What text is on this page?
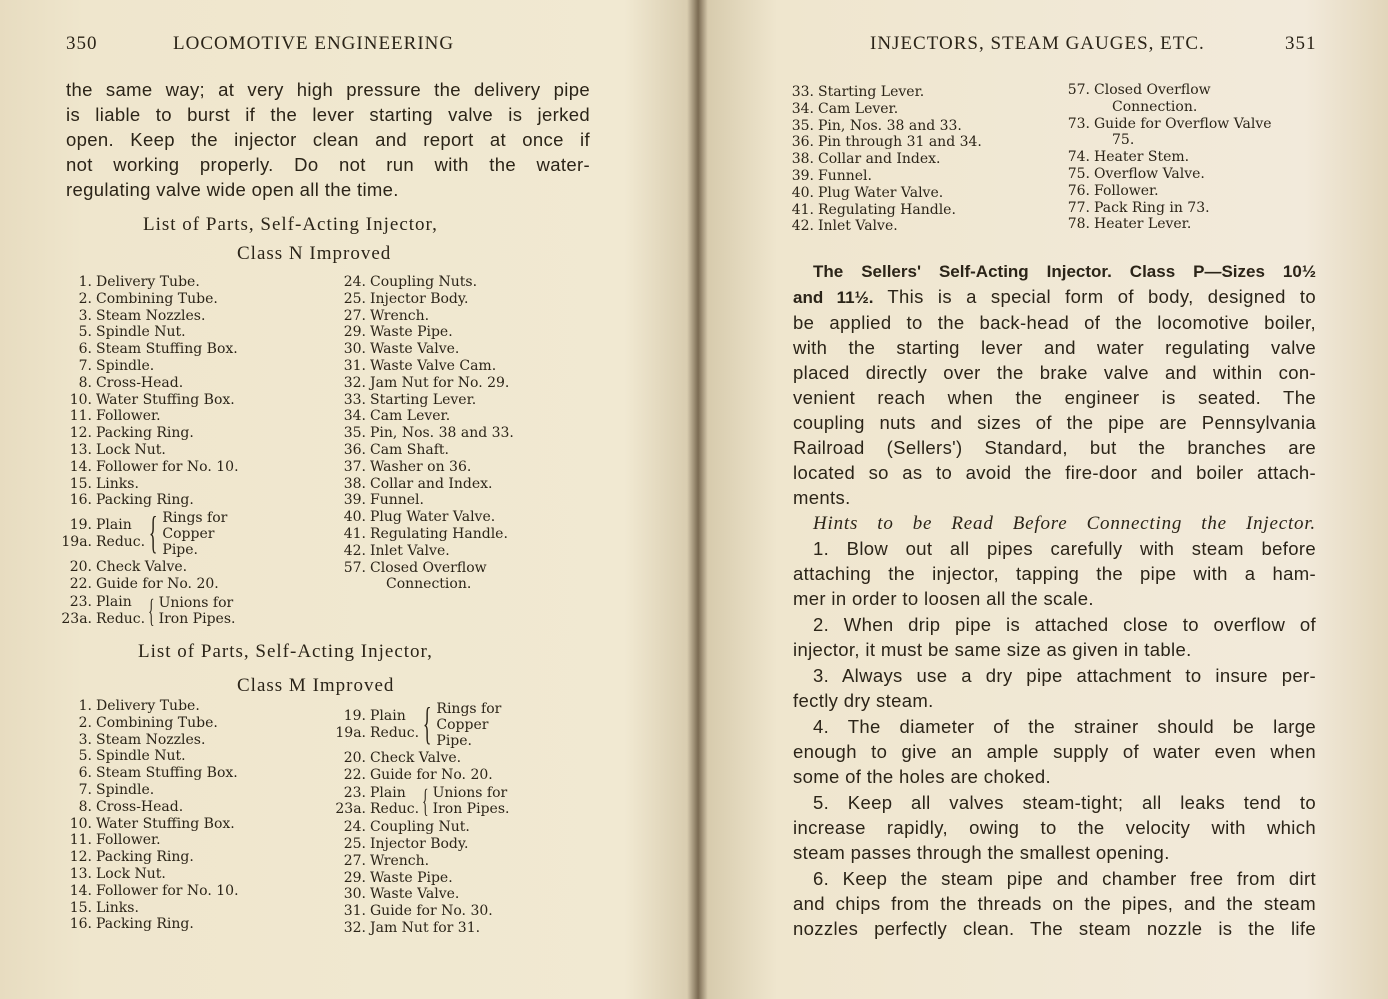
350	LOCOMOTIVE ENGINEERING
the same way; at very high pressure the delivery pipe
is liable to burst if the lever starting valve is jerked
open. Keep the injector clean and report at once if
not working properly. Do not run with the water-
regulating valve wide open all the time.
List of Parts, Self-Acting Injector,
Class N Improved
1. Delivery Tube.
2. Combining Tube.
3. Steam Nozzles.
5. Spindle Nut.
6. Steam Stuffing Box.
7. Spindle.
8. Cross-Head.
10. Water Stuffing Box.
11. Follower.
12. Packing Ring.
13. Lock Nut.
14. Follower for No. 10.
15. Links.
16. Packing Ring.
19. Plain
19a. Reduc. { Rings for
Copper
Pipe.
20. Check Valve.
22. Guide for No. 20.
23. Plain
23a. Reduc. { Unions for
Iron Pipes.
24. Coupling Nuts.
25. Injector Body.
27. Wrench.
29. Waste Pipe.
30. Waste Valve.
31. Waste Valve Cam.
32. Jam Nut for No. 29.
33. Starting Lever.
34. Cam Lever.
35. Pin, Nos. 38 and 33.
36. Cam Shaft.
37. Washer on 36.
38. Collar and Index.
39. Funnel.
40. Plug Water Valve.
41. Regulating Handle.
42. Inlet Valve.
57. Closed Overflow
Connection.
List of Parts, Self-Acting Injector,
Class M Improved
1. Delivery Tube.
2. Combining Tube.
3. Steam Nozzles.
5. Spindle Nut.
6. Steam Stuffing Box.
7. Spindle.
8. Cross-Head.
10. Water Stuffing Box.
11. Follower.
12. Packing Ring.
13. Lock Nut.
14. Follower for No. 10.
15. Links.
16. Packing Ring.
19. Plain
19a. Reduc. { Rings for
Copper
Pipe.
20. Check Valve.
22. Guide for No. 20.
23. Plain
23a. Reduc. { Unions for
Iron Pipes.
24. Coupling Nut.
25. Injector Body.
27. Wrench.
29. Waste Pipe.
30. Waste Valve.
31. Guide for No. 30.
32. Jam Nut for 31.
INJECTORS, STEAM GAUGES, ETC.	351
33. Starting Lever.
34. Cam Lever.
35. Pin, Nos. 38 and 33.
36. Pin through 31 and 34.
38. Collar and Index.
39. Funnel.
40. Plug Water Valve.
41. Regulating Handle.
42. Inlet Valve.
57. Closed Overflow
Connection.
73. Guide for Overflow Valve
75.
74. Heater Stem.
75. Overflow Valve.
76. Follower.
77. Pack Ring in 73.
78. Heater Lever.
The Sellers' Self-Acting Injector. Class P—Sizes 10½
and 11½. This is a special form of body, designed to
be applied to the back-head of the locomotive boiler,
with the starting lever and water regulating valve
placed directly over the brake valve and within con-
venient reach when the engineer is seated. The
coupling nuts and sizes of the pipe are Pennsylvania
Railroad (Sellers') Standard, but the branches are
located so as to avoid the fire-door and boiler attach-
ments.
Hints to be Read Before Connecting the Injector.
1. Blow out all pipes carefully with steam before
attaching the injector, tapping the pipe with a ham-
mer in order to loosen all the scale.
2. When drip pipe is attached close to overflow of
injector, it must be same size as given in table.
3. Always use a dry pipe attachment to insure per-
fectly dry steam.
4. The diameter of the strainer should be large
enough to give an ample supply of water even when
some of the holes are choked.
5. Keep all valves steam-tight; all leaks tend to
increase rapidly, owing to the velocity with which
steam passes through the smallest opening.
6. Keep the steam pipe and chamber free from dirt
and chips from the threads on the pipes, and the steam
nozzles perfectly clean. The steam nozzle is the life
